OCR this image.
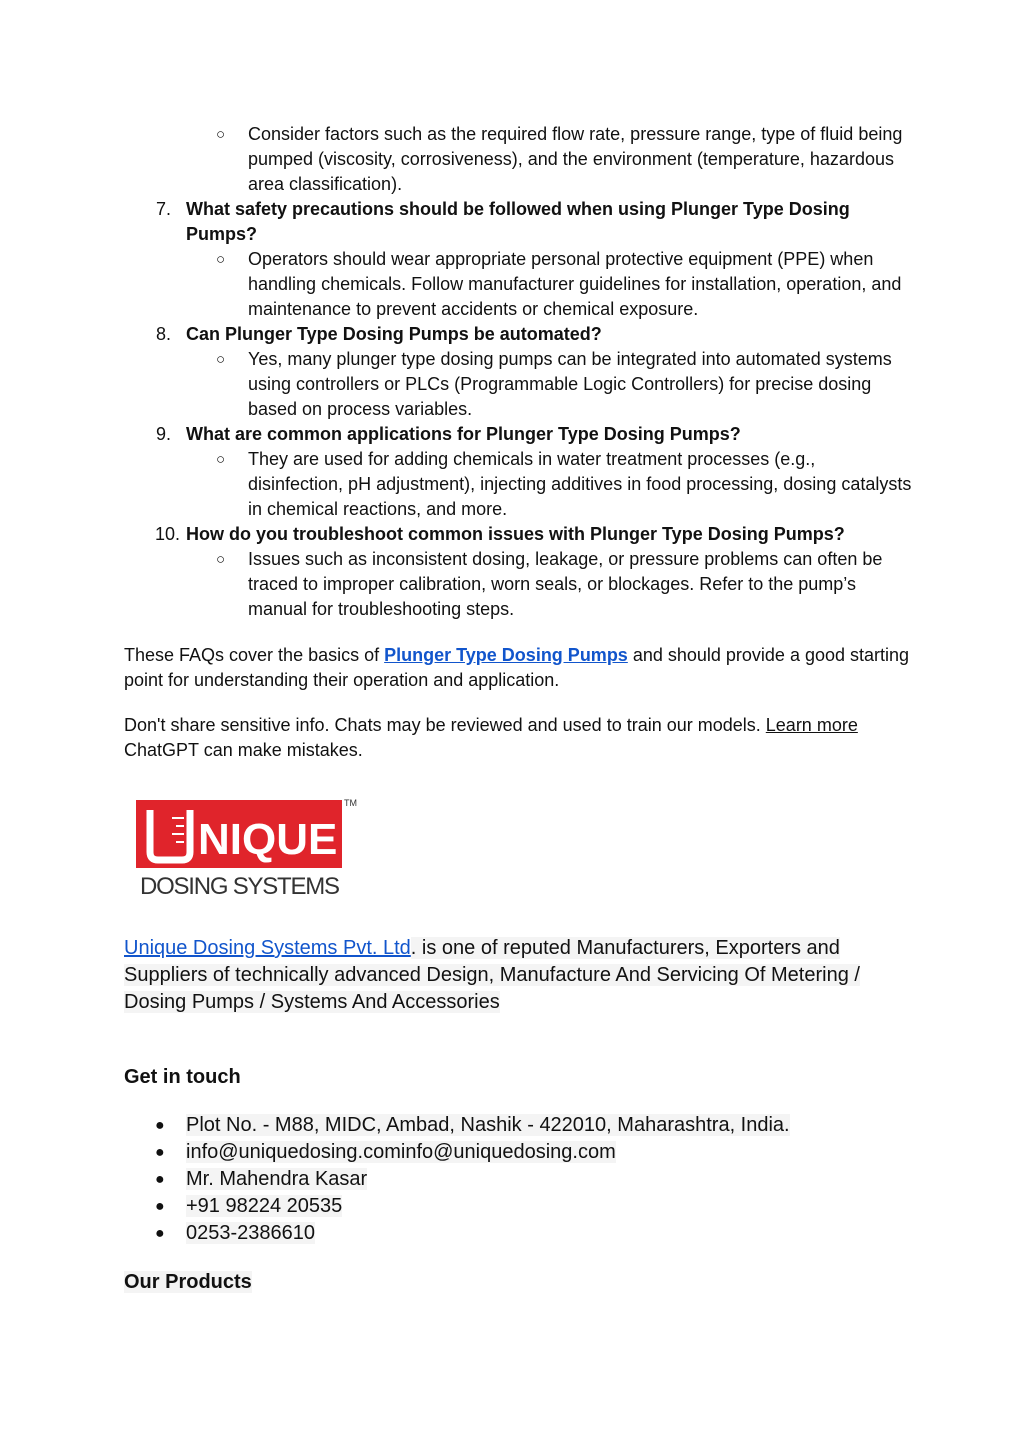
○ Consider factors such as the required flow rate, pressure range, type of fluid being pumped (viscosity, corrosiveness), and the environment (temperature, hazardous area classification).

7. What safety precautions should be followed when using Plunger Type Dosing Pumps?

○ Operators should wear appropriate personal protective equipment (PPE) when handling chemicals. Follow manufacturer guidelines for installation, operation, and maintenance to prevent accidents or chemical exposure.

8. Can Plunger Type Dosing Pumps be automated?

○ Yes, many plunger type dosing pumps can be integrated into automated systems using controllers or PLCs (Programmable Logic Controllers) for precise dosing based on process variables.

9. What are common applications for Plunger Type Dosing Pumps?

○ They are used for adding chemicals in water treatment processes (e.g., disinfection, pH adjustment), injecting additives in food processing, dosing catalysts in chemical reactions, and more.

10. How do you troubleshoot common issues with Plunger Type Dosing Pumps?

○ Issues such as inconsistent dosing, leakage, or pressure problems can often be traced to improper calibration, worn seals, or blockages. Refer to the pump’s manual for troubleshooting steps.

These FAQs cover the basics of Plunger Type Dosing Pumps and should provide a good starting point for understanding their operation and application.

Don't share sensitive info. Chats may be reviewed and used to train our models. Learn more
ChatGPT can make mistakes.

NIQUE
TM
DOSING SYSTEMS

Unique Dosing Systems Pvt. Ltd. is one of reputed Manufacturers, Exporters and Suppliers of technically advanced Design, Manufacture And Servicing Of Metering / Dosing Pumps / Systems And Accessories

Get in touch

● Plot No. - M88, MIDC, Ambad, Nashik - 422010, Maharashtra, India.
● info@uniquedosing.cominfo@uniquedosing.com
● Mr. Mahendra Kasar
● +91 98224 20535
● 0253-2386610

Our Products
